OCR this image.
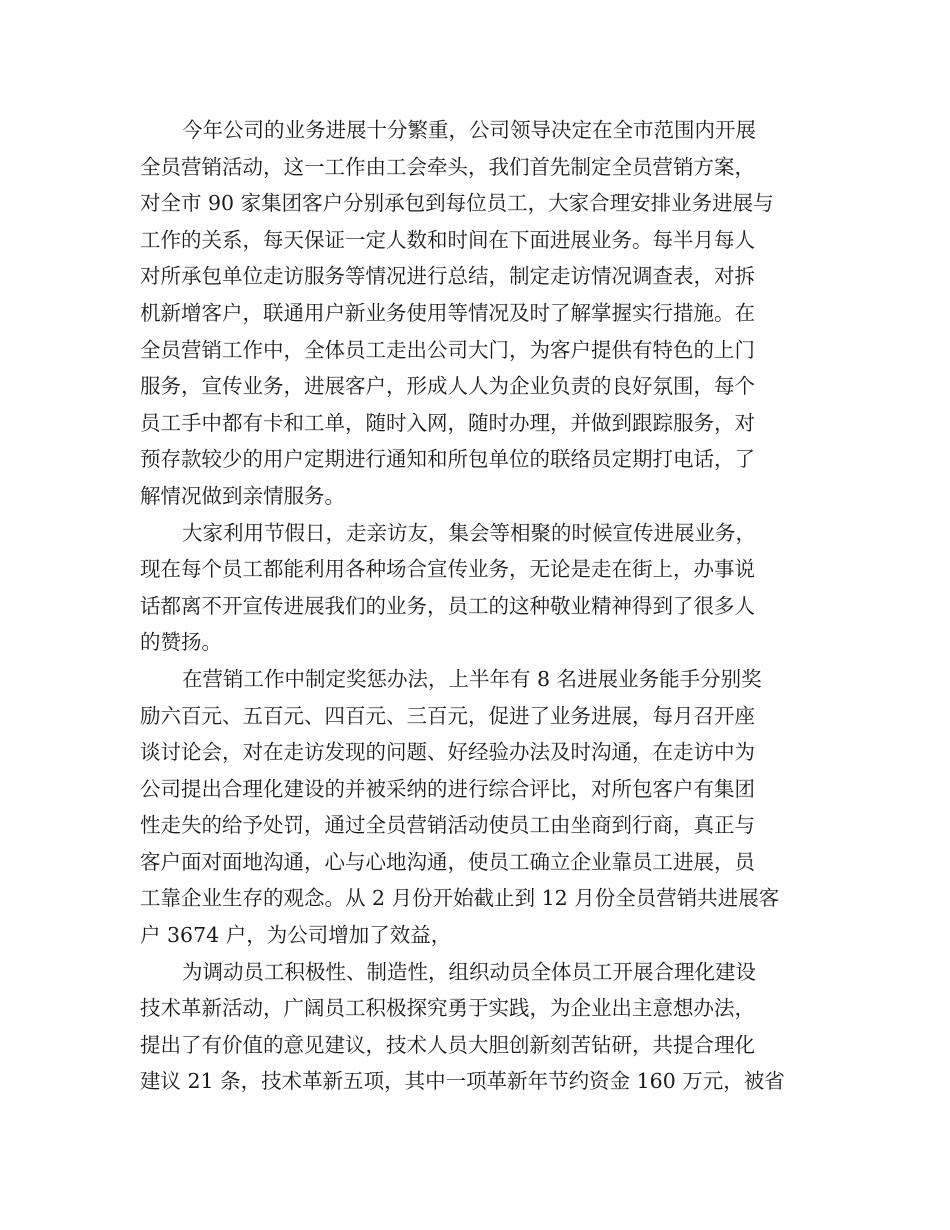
今年公司的业务进展十分繁重，公司领导决定在全市范围内开展
全员营销活动，这一工作由工会牵头，我们首先制定全员营销方案，
对全市 90 家集团客户分别承包到每位员工，大家合理安排业务进展与
工作的关系，每天保证一定人数和时间在下面进展业务。每半月每人
对所承包单位走访服务等情况进行总结，制定走访情况调查表，对拆
机新增客户，联通用户新业务使用等情况及时了解掌握实行措施。在
全员营销工作中，全体员工走出公司大门，为客户提供有特色的上门
服务，宣传业务，进展客户，形成人人为企业负责的良好氛围，每个
员工手中都有卡和工单，随时入网，随时办理，并做到跟踪服务，对
预存款较少的用户定期进行通知和所包单位的联络员定期打电话，了
解情况做到亲情服务。
大家利用节假日，走亲访友，集会等相聚的时候宣传进展业务，
现在每个员工都能利用各种场合宣传业务，无论是走在街上，办事说
话都离不开宣传进展我们的业务，员工的这种敬业精神得到了很多人
的赞扬。
在营销工作中制定奖惩办法，上半年有 8 名进展业务能手分别奖
励六百元、五百元、四百元、三百元，促进了业务进展，每月召开座
谈讨论会，对在走访发现的问题、好经验办法及时沟通，在走访中为
公司提出合理化建设的并被采纳的进行综合评比，对所包客户有集团
性走失的给予处罚，通过全员营销活动使员工由坐商到行商，真正与
客户面对面地沟通，心与心地沟通，使员工确立企业靠员工进展，员
工靠企业生存的观念。从 2 月份开始截止到 12 月份全员营销共进展客
户 3674 户，为公司增加了效益，
为调动员工积极性、制造性，组织动员全体员工开展合理化建设
技术革新活动，广阔员工积极探究勇于实践，为企业出主意想办法，
提出了有价值的意见建议，技术人员大胆创新刻苦钻研，共提合理化
建议 21 条，技术革新五项，其中一项革新年节约资金 160 万元，被省
